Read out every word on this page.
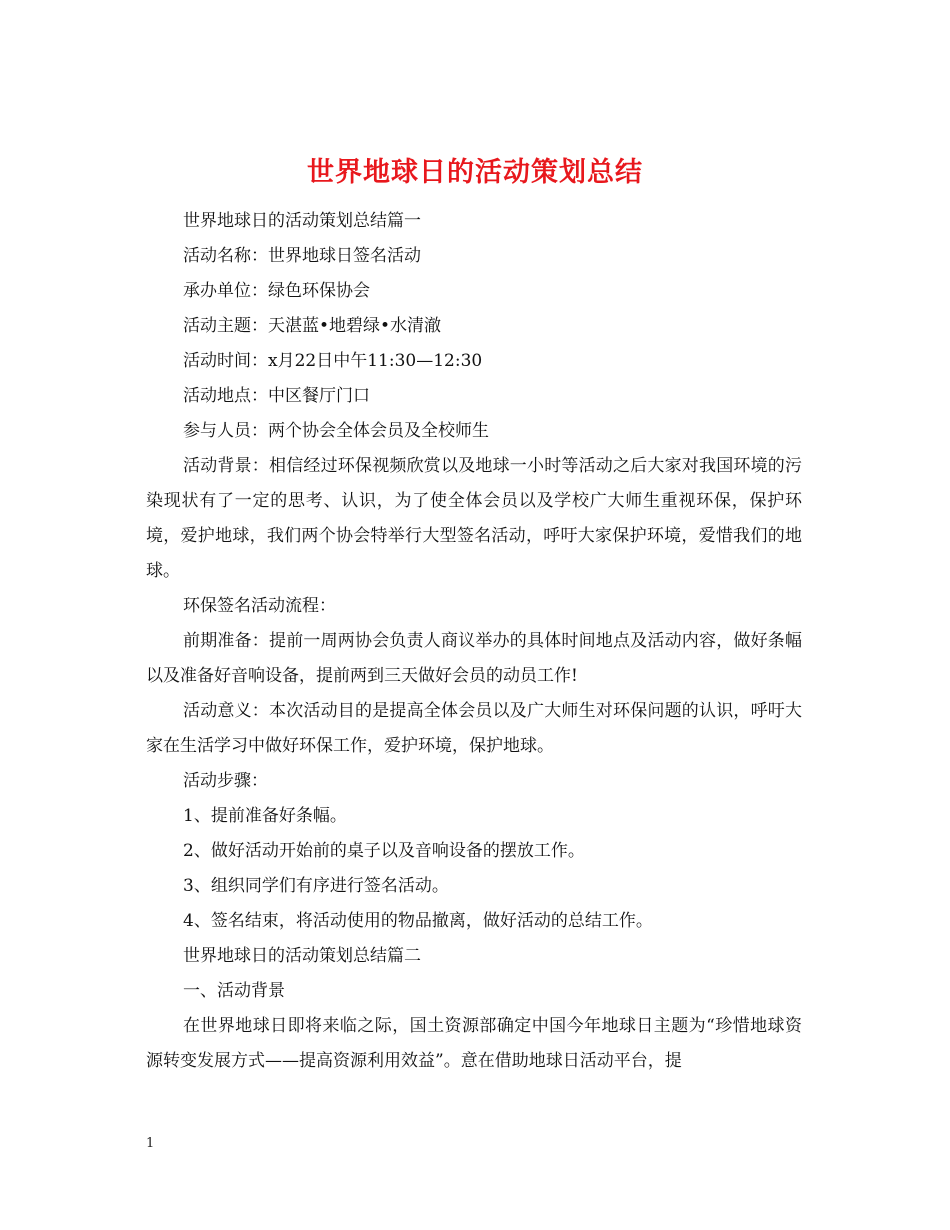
世界地球日的活动策划总结

世界地球日的活动策划总结篇一

活动名称：世界地球日签名活动

承办单位：绿色环保协会

活动主题：天湛蓝•地碧绿•水清澈

活动时间：x月22日中午11:30—12:30

活动地点：中区餐厅门口

参与人员：两个协会全体会员及全校师生

活动背景：相信经过环保视频欣赏以及地球一小时等活动之后大家对我国环境的污染现状有了一定的思考、认识，为了使全体会员以及学校广大师生重视环保，保护环境，爱护地球，我们两个协会特举行大型签名活动，呼吁大家保护环境，爱惜我们的地球。

环保签名活动流程：

前期准备：提前一周两协会负责人商议举办的具体时间地点及活动内容，做好条幅以及准备好音响设备，提前两到三天做好会员的动员工作!

活动意义：本次活动目的是提高全体会员以及广大师生对环保问题的认识，呼吁大家在生活学习中做好环保工作，爱护环境，保护地球。

活动步骤：

1、提前准备好条幅。

2、做好活动开始前的桌子以及音响设备的摆放工作。

3、组织同学们有序进行签名活动。

4、签名结束，将活动使用的物品撤离，做好活动的总结工作。

世界地球日的活动策划总结篇二

一、活动背景

在世界地球日即将来临之际，国土资源部确定中国今年地球日主题为“珍惜地球资源转变发展方式——提高资源利用效益”。意在借助地球日活动平台，提

1
